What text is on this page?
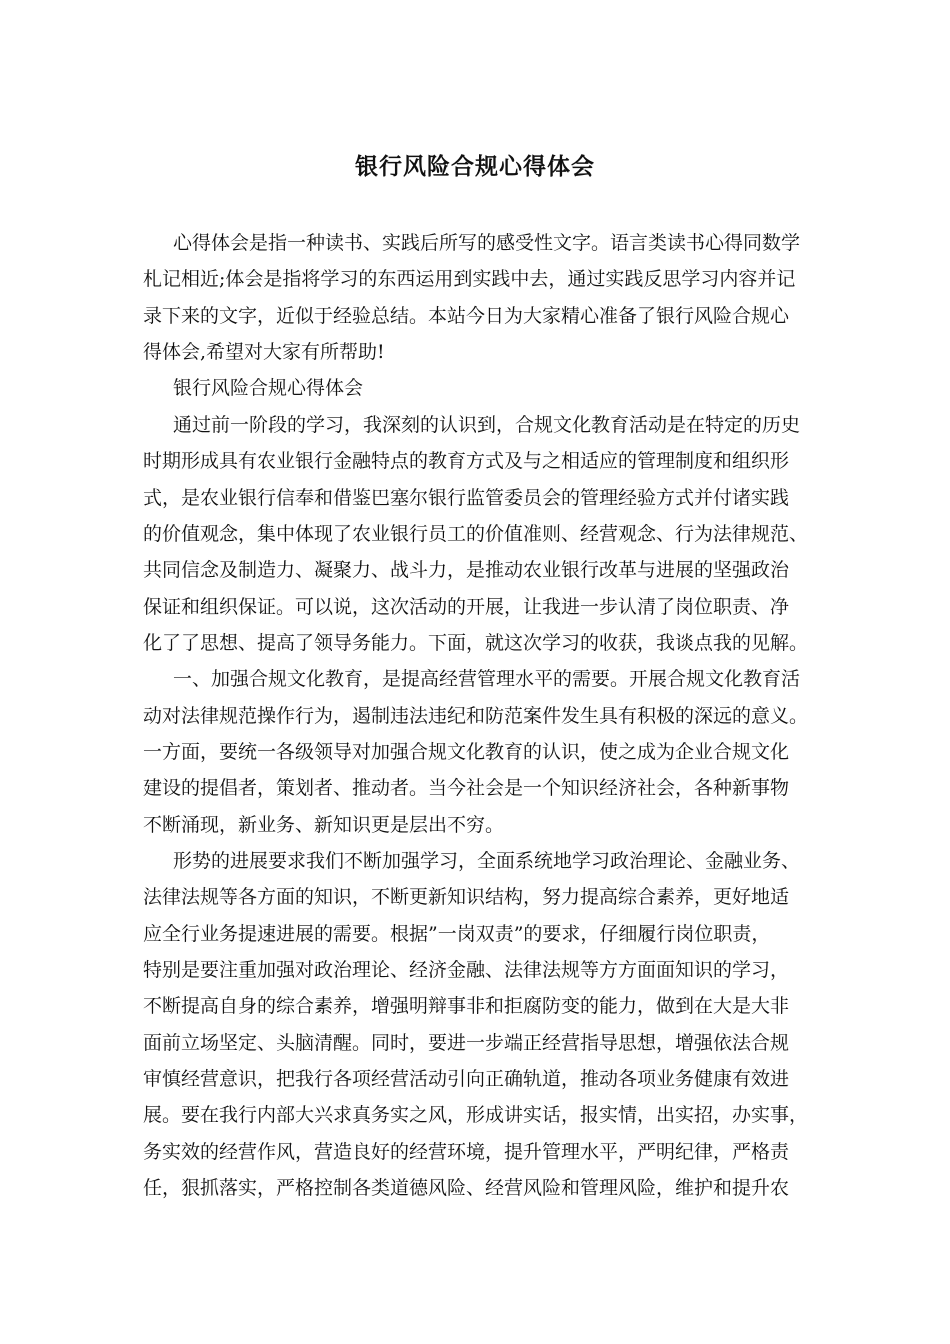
银行风险合规心得体会
心得体会是指一种读书、实践后所写的感受性文字。语言类读书心得同数学
札记相近;体会是指将学习的东西运用到实践中去，通过实践反思学习内容并记
录下来的文字，近似于经验总结。本站今日为大家精心准备了银行风险合规心
得体会,希望对大家有所帮助!
银行风险合规心得体会
通过前一阶段的学习，我深刻的认识到，合规文化教育活动是在特定的历史
时期形成具有农业银行金融特点的教育方式及与之相适应的管理制度和组织形
式，是农业银行信奉和借鉴巴塞尔银行监管委员会的管理经验方式并付诸实践
的价值观念，集中体现了农业银行员工的价值准则、经营观念、行为法律规范、
共同信念及制造力、凝聚力、战斗力，是推动农业银行改革与进展的坚强政治
保证和组织保证。可以说，这次活动的开展，让我进一步认清了岗位职责、净
化了了思想、提高了领导务能力。下面，就这次学习的收获，我谈点我的见解。
一、加强合规文化教育，是提高经营管理水平的需要。开展合规文化教育活
动对法律规范操作行为，遏制违法违纪和防范案件发生具有积极的深远的意义。
一方面，要统一各级领导对加强合规文化教育的认识，使之成为企业合规文化
建设的提倡者，策划者、推动者。当今社会是一个知识经济社会，各种新事物
不断涌现，新业务、新知识更是层出不穷。
形势的进展要求我们不断加强学习，全面系统地学习政治理论、金融业务、
法律法规等各方面的知识，不断更新知识结构，努力提高综合素养，更好地适
应全行业务提速进展的需要。根据”一岗双责”的要求，仔细履行岗位职责，
特别是要注重加强对政治理论、经济金融、法律法规等方方面面知识的学习，
不断提高自身的综合素养，增强明辩事非和拒腐防变的能力，做到在大是大非
面前立场坚定、头脑清醒。同时，要进一步端正经营指导思想，增强依法合规
审慎经营意识，把我行各项经营活动引向正确轨道，推动各项业务健康有效进
展。要在我行内部大兴求真务实之风，形成讲实话，报实情，出实招，办实事，
务实效的经营作风，营造良好的经营环境，提升管理水平，严明纪律，严格责
任，狠抓落实，严格控制各类道德风险、经营风险和管理风险，维护和提升农
